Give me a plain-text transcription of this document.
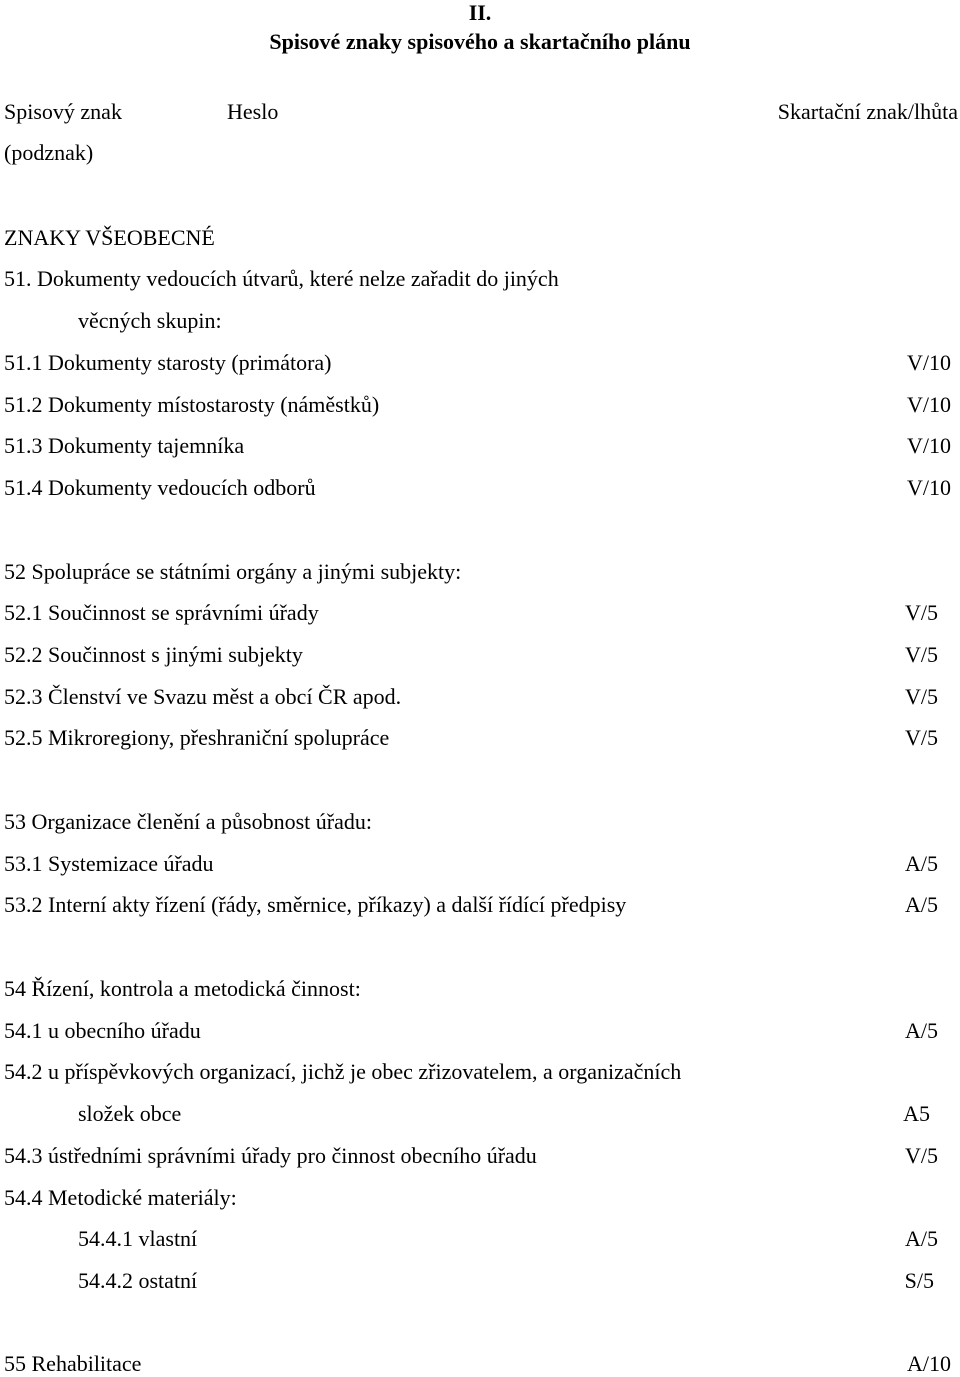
II.
Spisové znaky spisového a skartačního plánu
Spisový znak
(podznak)
Heslo	Skartační znak/lhůta
ZNAKY VŠEOBECNÉ
51. Dokumenty vedoucích útvarů, které nelze zařadit do jiných
věcných skupin:
51.1 Dokumenty starosty (primátora)	V/10
51.2 Dokumenty místostarosty (náměstků)	V/10
51.3 Dokumenty tajemníka	V/10
51.4 Dokumenty vedoucích odborů	V/10
52 Spolupráce se státními orgány a jinými subjekty:
52.1 Součinnost se správními úřady	V/5
52.2 Součinnost s jinými subjekty	V/5
52.3 Členství ve Svazu měst a obcí ČR apod.	V/5
52.5 Mikroregiony, přeshraniční spolupráce	V/5
53 Organizace členění a působnost úřadu:
53.1 Systemizace úřadu	A/5
53.2 Interní akty řízení (řády, směrnice, příkazy) a další řídící předpisy	A/5
54 Řízení, kontrola a metodická činnost:
54.1 u obecního úřadu	A/5
54.2 u příspěvkových organizací, jichž je obec zřizovatelem, a organizačních
složek obce	A5
54.3 ústředními správními úřady pro činnost obecního úřadu	V/5
54.4 Metodické materiály:
54.4.1 vlastní	A/5
54.4.2 ostatní	S/5
55 Rehabilitace	A/10
